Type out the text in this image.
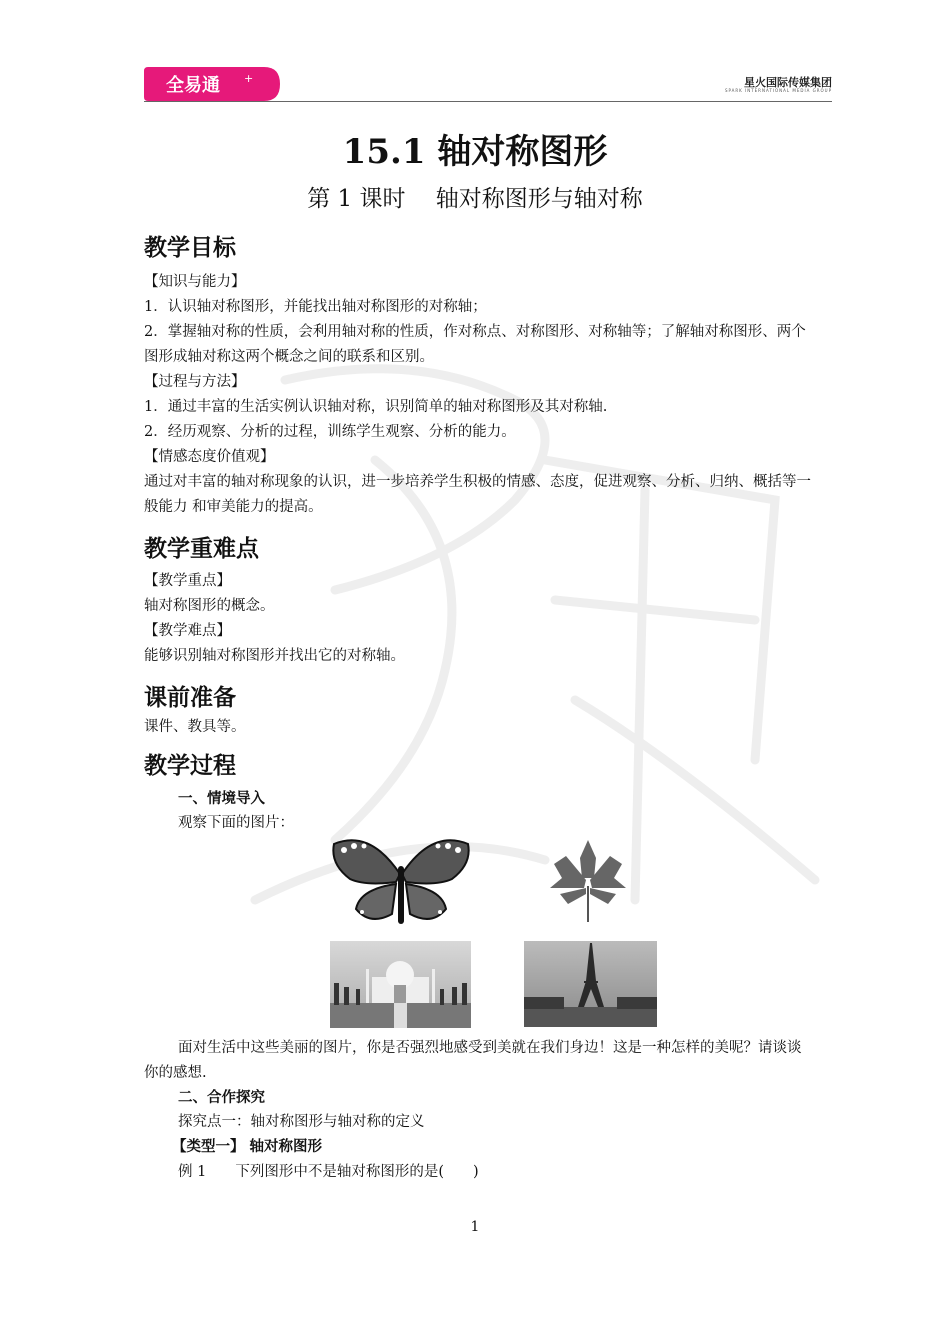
全易通 +	星火国际传媒集团
SPARK INTERNATIONAL MEDIA GROUP
15.1 轴对称图形
第 1 课时　 轴对称图形与轴对称
教学目标
【知识与能力】
1．认识轴对称图形，并能找出轴对称图形的对称轴；
2．掌握轴对称的性质，会利用轴对称的性质，作对称点、对称图形、对称轴等；了解轴对称图形、两个图形成轴对称这两个概念之间的联系和区别。
【过程与方法】
1．通过丰富的生活实例认识轴对称，识别简单的轴对称图形及其对称轴.
2．经历观察、分析的过程，训练学生观察、分析的能力。
【情感态度价值观】
通过对丰富的轴对称现象的认识，进一步培养学生积极的情感、态度，促进观察、分析、归纳、概括等一般能力 和审美能力的提高。
教学重难点
【教学重点】
轴对称图形的概念。
【教学难点】
能够识别轴对称图形并找出它的对称轴。
课前准备
课件、教具等。
教学过程
一、情境导入
观察下面的图片：
面对生活中这些美丽的图片，你是否强烈地感受到美就在我们身边！这是一种怎样的美呢？请谈谈你的感想.
二、合作探究
探究点一：轴对称图形与轴对称的定义
【类型一】 轴对称图形
例 1　　下列图形中不是轴对称图形的是(　　)
1
